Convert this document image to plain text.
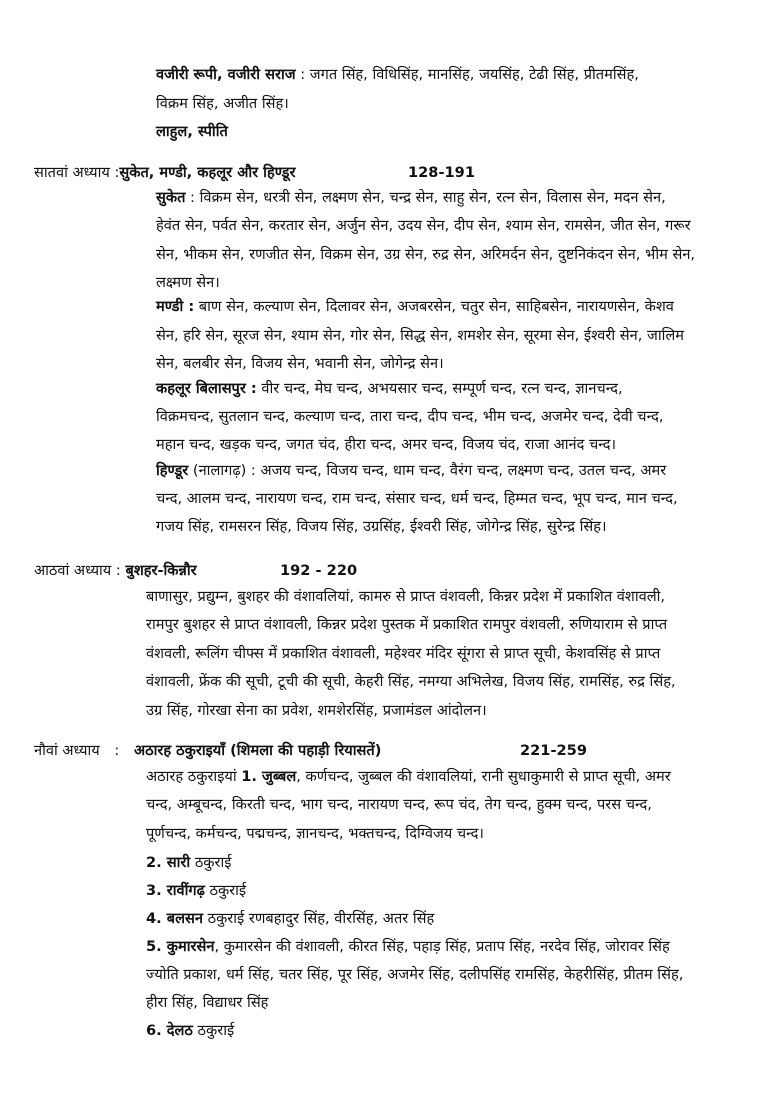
वजीरी रूपी, वजीरी सराज : जगत सिंह, विधिसिंह, मानसिंह, जयसिंह, टेढी सिंह, प्रीतमसिंह,
विक्रम सिंह, अजीत सिंह।
लाहुल, स्पीति
सातवां अध्याय :सुकेत, मण्डी, कहलूर और हिण्डूर	128-191
सुकेत : विक्रम सेन, धरत्री सेन, लक्ष्मण सेन, चन्द्र सेन, साहु सेन, रत्न सेन, विलास सेन, मदन सेन,
हेवंत सेन, पर्वत सेन, करतार सेन, अर्जुन सेन, उदय सेन, दीप सेन, श्याम सेन, रामसेन, जीत सेन, गरूर
सेन, भीकम सेन, रणजीत सेन, विक्रम सेन, उग्र सेन, रुद्र सेन, अरिमर्दन सेन, दुष्टनिकंदन सेन, भीम सेन,
लक्ष्मण सेन।
मण्डी : बाण सेन, कल्याण सेन, दिलावर सेन, अजबरसेन, चतुर सेन, साहिबसेन, नारायणसेन, केशव
सेन, हरि सेन, सूरज सेन, श्याम सेन, गोर सेन, सिद्ध सेन, शमशेर सेन, सूरमा सेन, ईश्वरी सेन, जालिम
सेन, बलबीर सेन, विजय सेन, भवानी सेन, जोगेन्द्र सेन।
कहलूर बिलासपुर : वीर चन्द, मेघ चन्द, अभयसार चन्द, सम्पूर्ण चन्द, रत्न चन्द, ज्ञानचन्द,
विक्रमचन्द, सुतलान चन्द, कल्याण चन्द, तारा चन्द, दीप चन्द, भीम चन्द, अजमेर चन्द, देवी चन्द,
महान चन्द, खड़क चन्द, जगत चंद, हीरा चन्द, अमर चन्द, विजय चंद, राजा आनंद चन्द।
हिण्डूर (नालागढ़) : अजय चन्द, विजय चन्द, धाम चन्द, वैरंग चन्द, लक्ष्मण चन्द, उतल चन्द, अमर
चन्द, आलम चन्द, नारायण चन्द, राम चन्द, संसार चन्द, धर्म चन्द, हिम्मत चन्द, भूप चन्द, मान चन्द,
गजय सिंह, रामसरन सिंह, विजय सिंह, उग्रसिंह, ईश्वरी सिंह, जोगेन्द्र सिंह, सुरेन्द्र सिंह।
आठवां अध्याय : बुशहर-किन्नौर	192 - 220
बाणासुर, प्रद्युम्न, बुशहर की वंशावलियां, कामरु से प्राप्त वंशवली, किन्नर प्रदेश में प्रकाशित वंशावली,
रामपुर बुशहर से प्राप्त वंशावली, किन्नर प्रदेश पुस्तक में प्रकाशित रामपुर वंशवली, रुणियाराम से प्राप्त
वंशवली, रूलिंग चीफ्स में प्रकाशित वंशावली, महेश्वर मंदिर सूंगरा से प्राप्त सूची, केशवसिंह से प्राप्त
वंशावली, फ्रेंक की सूची, टूची की सूची, केहरी सिंह, नमग्या अभिलेख, विजय सिंह, रामसिंह, रुद्र सिंह,
उग्र सिंह, गोरखा सेना का प्रवेश, शमशेरसिंह, प्रजामंडल आंदोलन।
नौवां अध्याय : अठारह ठकुराइयाँ (शिमला की पहाड़ी रियासतें)	221-259
अठारह ठकुराइयां 1. जुब्बल, कर्णचन्द, जुब्बल की वंशावलियां, रानी सुधाकुमारी से प्राप्त सूची, अमर
चन्द, अम्बूचन्द, किरती चन्द, भाग चन्द, नारायण चन्द, रूप चंद, तेग चन्द, हुक्म चन्द, परस चन्द,
पूर्णचन्द, कर्मचन्द, पद्मचन्द, ज्ञानचन्द, भक्तचन्द, दिग्विजय चन्द।
2. सारी ठकुराई
3. रावींगढ़ ठकुराई
4. बलसन ठकुराई रणबहादुर सिंह, वीरसिंह, अतर सिंह
5. कुमारसेन, कुमारसेन की वंशावली, कीरत सिंह, पहाड़ सिंह, प्रताप सिंह, नरदेव सिंह, जोरावर सिंह
ज्योति प्रकाश, धर्म सिंह, चतर सिंह, पूर सिंह, अजमेर सिंह, दलीपसिंह रामसिंह, केहरीसिंह, प्रीतम सिंह,
हीरा सिंह, विद्याधर सिंह
6. देलठ ठकुराई
